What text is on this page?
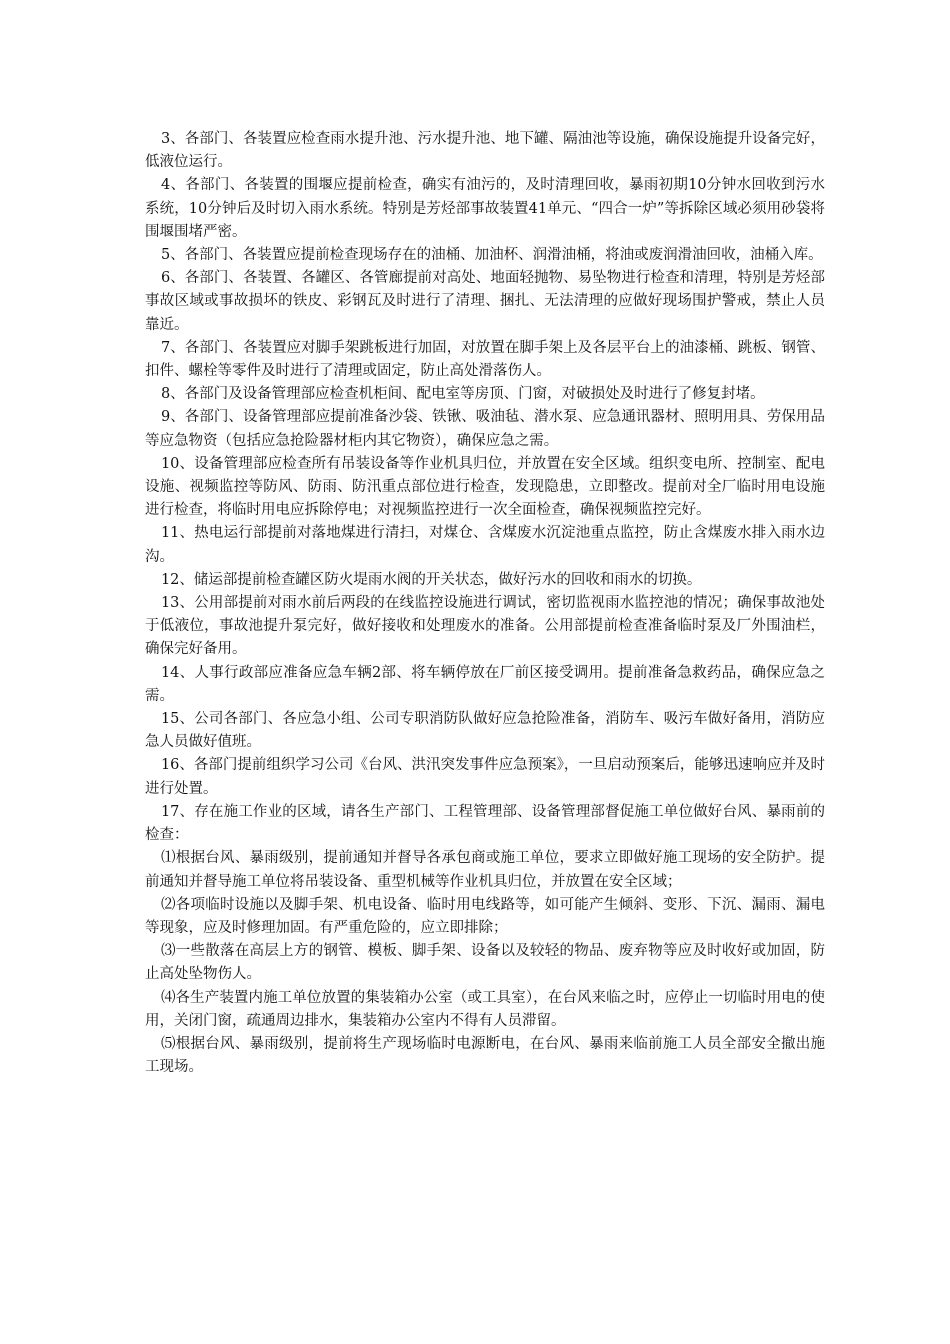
3、各部门、各装置应检查雨水提升池、污水提升池、地下罐、隔油池等设施，确保设施提升设备完好，低液位运行。

4、各部门、各装置的围堰应提前检查，确实有油污的，及时清理回收，暴雨初期10分钟水回收到污水系统，10分钟后及时切入雨水系统。特别是芳烃部事故装置41单元、“四合一炉”等拆除区域必须用砂袋将围堰围堵严密。

5、各部门、各装置应提前检查现场存在的油桶、加油杯、润滑油桶，将油或废润滑油回收，油桶入库。

6、各部门、各装置、各罐区、各管廊提前对高处、地面轻抛物、易坠物进行检查和清理，特别是芳烃部事故区域或事故损坏的铁皮、彩钢瓦及时进行了清理、捆扎、无法清理的应做好现场围护警戒，禁止人员靠近。

7、各部门、各装置应对脚手架跳板进行加固，对放置在脚手架上及各层平台上的油漆桶、跳板、钢管、扣件、螺栓等零件及时进行了清理或固定，防止高处滑落伤人。

8、各部门及设备管理部应检查机柜间、配电室等房顶、门窗，对破损处及时进行了修复封堵。

9、各部门、设备管理部应提前准备沙袋、铁锹、吸油毡、潜水泵、应急通讯器材、照明用具、劳保用品等应急物资（包括应急抢险器材柜内其它物资），确保应急之需。

10、设备管理部应检查所有吊装设备等作业机具归位，并放置在安全区域。组织变电所、控制室、配电设施、视频监控等防风、防雨、防汛重点部位进行检查，发现隐患，立即整改。提前对全厂临时用电设施进行检查，将临时用电应拆除停电；对视频监控进行一次全面检查，确保视频监控完好。

11、热电运行部提前对落地煤进行清扫，对煤仓、含煤废水沉淀池重点监控，防止含煤废水排入雨水边沟。

12、储运部提前检查罐区防火堤雨水阀的开关状态，做好污水的回收和雨水的切换。

13、公用部提前对雨水前后两段的在线监控设施进行调试，密切监视雨水监控池的情况；确保事故池处于低液位，事故池提升泵完好，做好接收和处理废水的准备。公用部提前检查准备临时泵及厂外围油栏，确保完好备用。

14、人事行政部应准备应急车辆2部、将车辆停放在厂前区接受调用。提前准备急救药品，确保应急之需。

15、公司各部门、各应急小组、公司专职消防队做好应急抢险准备，消防车、吸污车做好备用，消防应急人员做好值班。

16、各部门提前组织学习公司《台风、洪汛突发事件应急预案》，一旦启动预案后，能够迅速响应并及时进行处置。

17、存在施工作业的区域，请各生产部门、工程管理部、设备管理部督促施工单位做好台风、暴雨前的检查：

⑴根据台风、暴雨级别，提前通知并督导各承包商或施工单位，要求立即做好施工现场的安全防护。提前通知并督导施工单位将吊装设备、重型机械等作业机具归位，并放置在安全区域；

⑵各项临时设施以及脚手架、机电设备、临时用电线路等，如可能产生倾斜、变形、下沉、漏雨、漏电等现象，应及时修理加固。有严重危险的，应立即排除；

⑶一些散落在高层上方的钢管、模板、脚手架、设备以及较轻的物品、废弃物等应及时收好或加固，防止高处坠物伤人。

⑷各生产装置内施工单位放置的集装箱办公室（或工具室），在台风来临之时，应停止一切临时用电的使用，关闭门窗，疏通周边排水，集装箱办公室内不得有人员滞留。

⑸根据台风、暴雨级别，提前将生产现场临时电源断电，在台风、暴雨来临前施工人员全部安全撤出施工现场。
